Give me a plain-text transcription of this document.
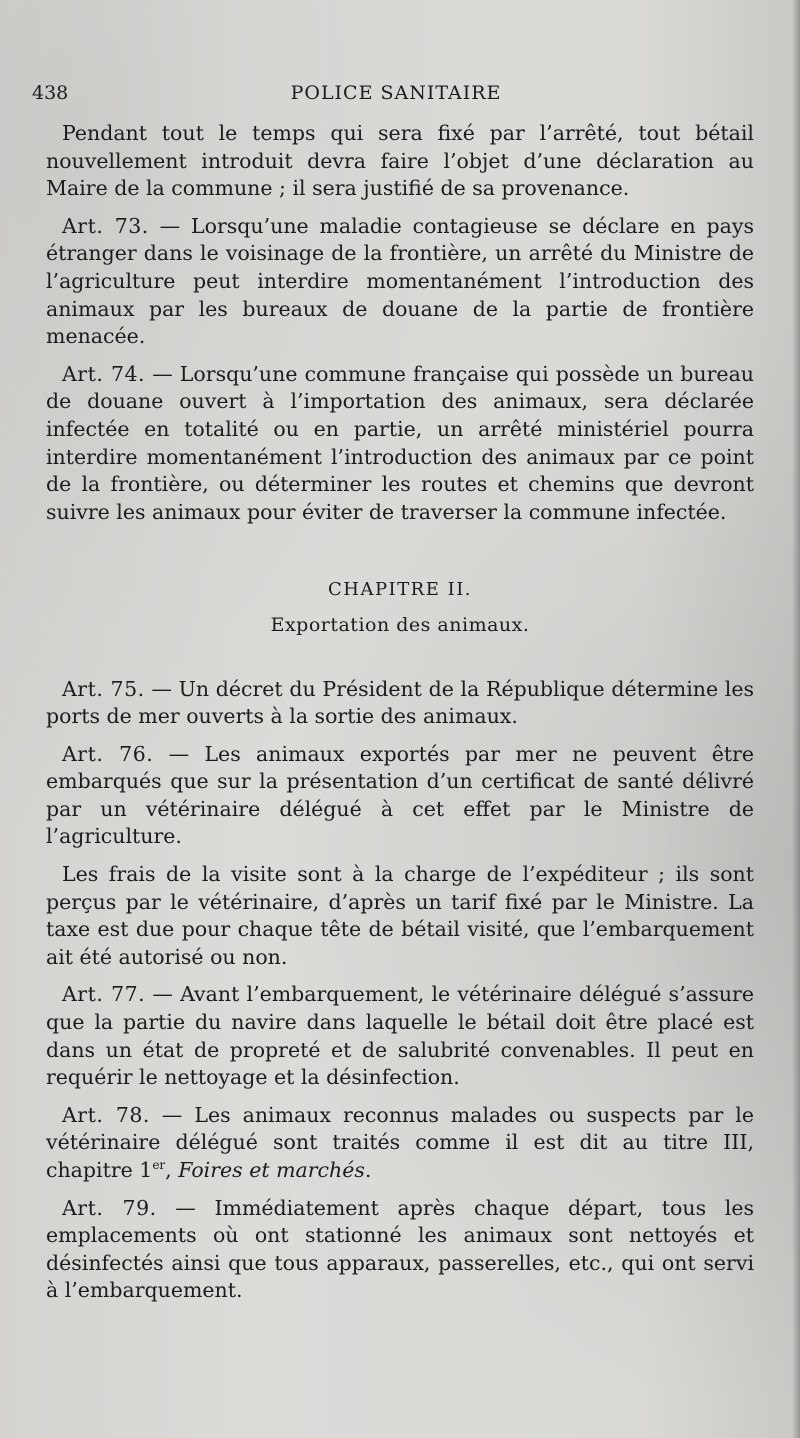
438	POLICE SANITAIRE

Pendant tout le temps qui sera fixé par l’arrêté, tout bétail nouvellement introduit devra faire l’objet d’une déclaration au Maire de la commune ; il sera justifié de sa provenance.

Art. 73. — Lorsqu’une maladie contagieuse se déclare en pays étranger dans le voisinage de la frontière, un arrêté du Ministre de l’agriculture peut interdire momentanément l’introduction des animaux par les bureaux de douane de la partie de frontière menacée.

Art. 74. — Lorsqu’une commune française qui possède un bureau de douane ouvert à l’importation des animaux, sera déclarée infectée en totalité ou en partie, un arrêté ministériel pourra interdire momentanément l’introduction des animaux par ce point de la frontière, ou déterminer les routes et chemins que devront suivre les animaux pour éviter de traverser la commune infectée.

CHAPITRE II.
Exportation des animaux.

Art. 75. — Un décret du Président de la République détermine les ports de mer ouverts à la sortie des animaux.

Art. 76. — Les animaux exportés par mer ne peuvent être embarqués que sur la présentation d’un certificat de santé délivré par un vétérinaire délégué à cet effet par le Ministre de l’agriculture.

Les frais de la visite sont à la charge de l’expéditeur ; ils sont perçus par le vétérinaire, d’après un tarif fixé par le Ministre. La taxe est due pour chaque tête de bétail visité, que l’embarquement ait été autorisé ou non.

Art. 77. — Avant l’embarquement, le vétérinaire délégué s’assure que la partie du navire dans laquelle le bétail doit être placé est dans un état de propreté et de salubrité convenables. Il peut en requérir le nettoyage et la désinfection.

Art. 78. — Les animaux reconnus malades ou suspects par le vétérinaire délégué sont traités comme il est dit au titre III, chapitre 1er, Foires et marchés.

Art. 79. — Immédiatement après chaque départ, tous les emplacements où ont stationné les animaux sont nettoyés et désinfectés ainsi que tous apparaux, passerelles, etc., qui ont servi à l’embarquement.
